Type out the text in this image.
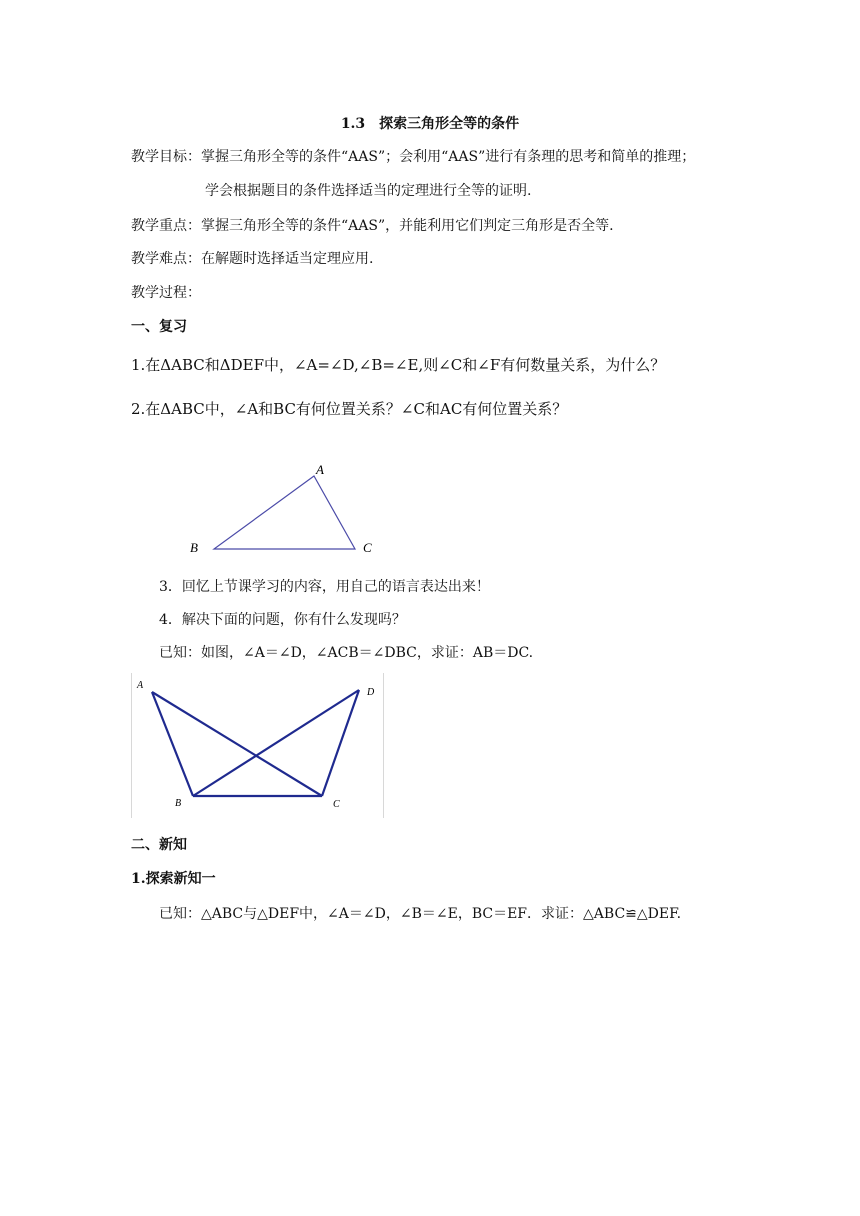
1.3　探索三角形全等的条件
教学目标：掌握三角形全等的条件“AAS”；会利用“AAS”进行有条理的思考和简单的推理；
学会根据题目的条件选择适当的定理进行全等的证明.
教学重点：掌握三角形全等的条件“AAS”，并能利用它们判定三角形是否全等.
教学难点：在解题时选择适当定理应用.
教学过程：
一、复习
1.在ΔABC和ΔDEF中，∠A=∠D,∠B=∠E,则∠C和∠F有何数量关系，为什么？
2.在ΔABC中，∠A和BC有何位置关系？∠C和AC有何位置关系？
A
B	C
3．回忆上节课学习的内容，用自己的语言表达出来！
4．解决下面的问题，你有什么发现吗？
已知：如图，∠A＝∠D，∠ACB＝∠DBC，求证：AB＝DC.
A
D
B	C
二、新知
1.探索新知一
已知：△ABC与△DEF中，∠A＝∠D，∠B＝∠E，BC＝EF．求证：△ABC≌△DEF.
